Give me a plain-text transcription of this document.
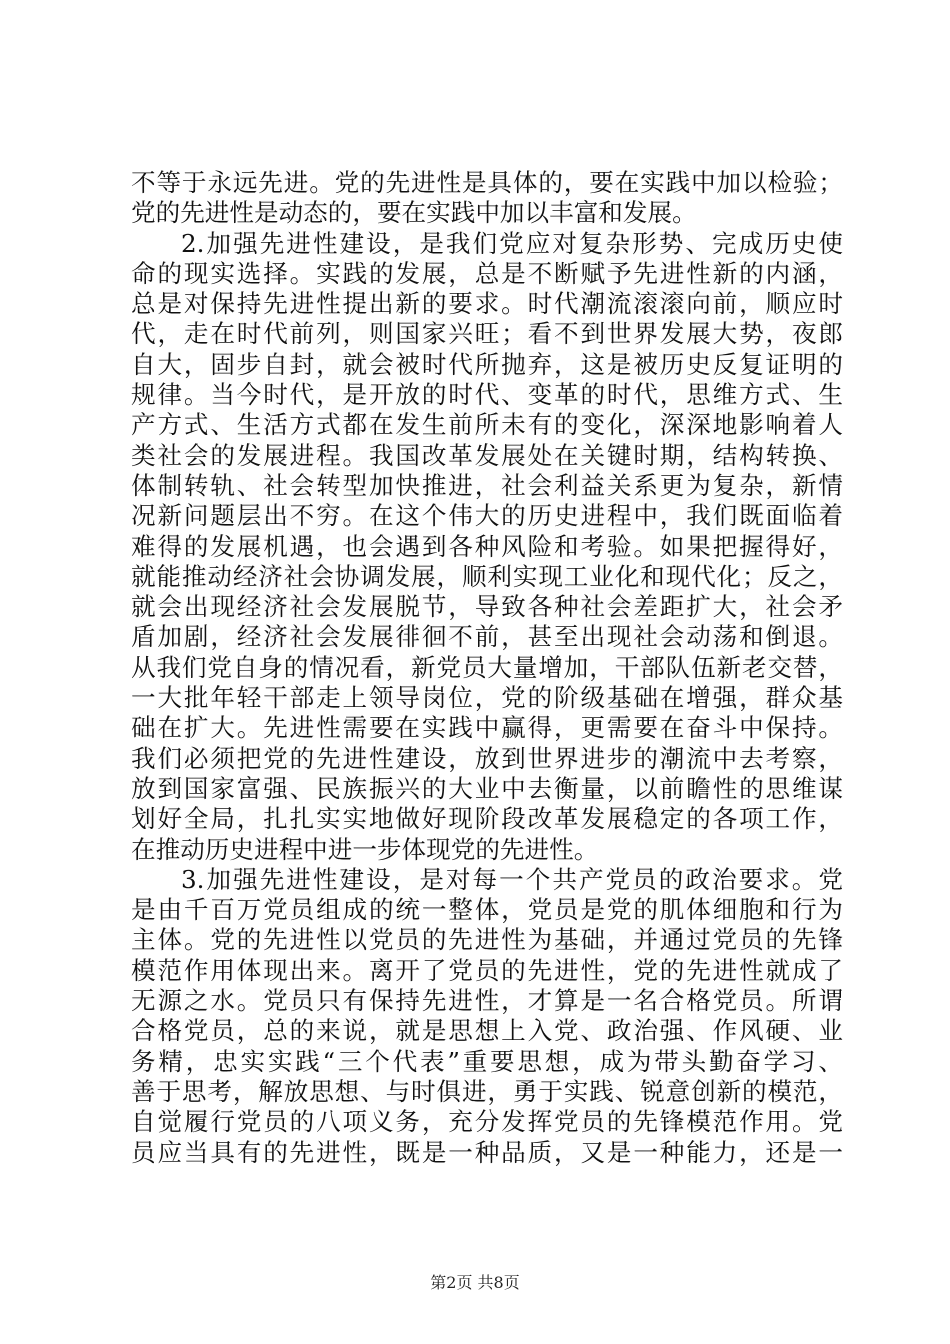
不等于永远先进。党的先进性是具体的，要在实践中加以检验；
党的先进性是动态的，要在实践中加以丰富和发展。
2.加强先进性建设，是我们党应对复杂形势、完成历史使
命的现实选择。实践的发展，总是不断赋予先进性新的内涵，
总是对保持先进性提出新的要求。时代潮流滚滚向前，顺应时
代，走在时代前列，则国家兴旺；看不到世界发展大势，夜郎
自大，固步自封，就会被时代所抛弃，这是被历史反复证明的
规律。当今时代，是开放的时代、变革的时代，思维方式、生
产方式、生活方式都在发生前所未有的变化，深深地影响着人
类社会的发展进程。我国改革发展处在关键时期，结构转换、
体制转轨、社会转型加快推进，社会利益关系更为复杂，新情
况新问题层出不穷。在这个伟大的历史进程中，我们既面临着
难得的发展机遇，也会遇到各种风险和考验。如果把握得好，
就能推动经济社会协调发展，顺利实现工业化和现代化；反之，
就会出现经济社会发展脱节，导致各种社会差距扩大，社会矛
盾加剧，经济社会发展徘徊不前，甚至出现社会动荡和倒退。
从我们党自身的情况看，新党员大量增加，干部队伍新老交替，
一大批年轻干部走上领导岗位，党的阶级基础在增强，群众基
础在扩大。先进性需要在实践中赢得，更需要在奋斗中保持。
我们必须把党的先进性建设，放到世界进步的潮流中去考察，
放到国家富强、民族振兴的大业中去衡量，以前瞻性的思维谋
划好全局，扎扎实实地做好现阶段改革发展稳定的各项工作，
在推动历史进程中进一步体现党的先进性。
3.加强先进性建设，是对每一个共产党员的政治要求。党
是由千百万党员组成的统一整体，党员是党的肌体细胞和行为
主体。党的先进性以党员的先进性为基础，并通过党员的先锋
模范作用体现出来。离开了党员的先进性，党的先进性就成了
无源之水。党员只有保持先进性，才算是一名合格党员。所谓
合格党员，总的来说，就是思想上入党、政治强、作风硬、业
务精，忠实实践“三个代表”重要思想，成为带头勤奋学习、
善于思考，解放思想、与时俱进，勇于实践、锐意创新的模范，
自觉履行党员的八项义务，充分发挥党员的先锋模范作用。党
员应当具有的先进性，既是一种品质，又是一种能力，还是一
第2页 共8页
